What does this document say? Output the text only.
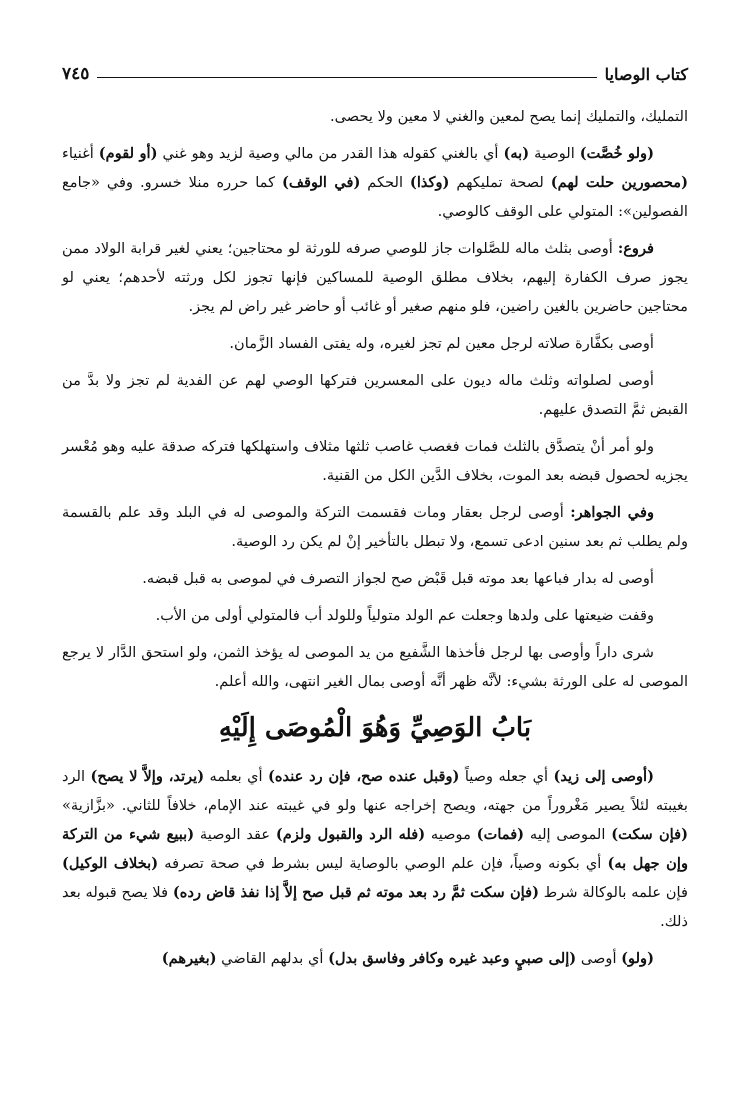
كتاب الوصايا
٧٤٥

التمليك، والتمليك إنما يصح لمعين والغني لا معين ولا يحصى.

(ولو خُصَّت) الوصية (به) أي بالغني كقوله هذا القدر من مالي وصية لزيد وهو غني (أو لقوم) أغنياء (محصورين حلت لهم) لصحة تمليكهم (وكذا) الحكم (في الوقف) كما حرره منلا خسرو. وفي «جامع الفصولين»: المتولي على الوقف كالوصي.

فروع: أوصى بثلث ماله للصَّلوات جاز للوصي صرفه للورثة لو محتاجين؛ يعني لغير قرابة الولاد ممن يجوز صرف الكفارة إليهم، بخلاف مطلق الوصية للمساكين فإنها تجوز لكل ورثته لأحدهم؛ يعني لو محتاجين حاضرين بالغين راضين، فلو منهم صغير أو غائب أو حاضر غير راض لم يجز.

أوصى بكفَّارة صلاته لرجل معين لم تجز لغيره، وله يفتى الفساد الزَّمان.

أوصى لصلواته وثلث ماله ديون على المعسرين فتركها الوصي لهم عن الفدية لم تجز ولا بدَّ من القبض ثمَّ التصدق عليهم.

ولو أمر أنْ يتصدَّق بالثلث فمات فغصب غاصب ثلثها مثلاف واستهلكها فتركه صدقة عليه وهو مُعْسر يجزيه لحصول قبضه بعد الموت، بخلاف الدَّين الكل من القنية.

وفي الجواهر: أوصى لرجل بعقار ومات فقسمت التركة والموصى له في البلد وقد علم بالقسمة ولم يطلب ثم بعد سنين ادعى تسمع، ولا تبطل بالتأخير إنْ لم يكن رد الوصية.

أوصى له بدار فباعها بعد موته قبل قَبْض صح لجواز التصرف في لموصى به قبل قبضه.

وقفت ضيعتها على ولدها وجعلت عم الولد متولياً وللولد أب فالمتولي أولى من الأب.

شرى داراً وأوصى بها لرجل فأخذها الشَّفيع من يد الموصى له يؤخذ الثمن، ولو استحق الدَّار لا يرجع الموصى له على الورثة بشيء: لأنَّه ظهر أنَّه أوصى بمال الغير انتهى، والله أعلم.

بَابُ الوَصِيِّ وَهُوَ الْمُوصَى إِلَيْهِ

(أوصى إلى زيد) أي جعله وصياً (وقبل عنده صح، فإن رد عنده) أي بعلمه (يرتد، وإلاَّ لا يصح) الرد بغيبته لئلاً يصير مَغْروراً من جهته، ويصح إخراجه عنها ولو في غيبته عند الإمام، خلافاً للثاني. «بزَّازية» (فإن سكت) الموصى إليه (فمات) موصيه (فله الرد والقبول ولزم) عقد الوصية (ببيع شيء من التركة وإن جهل به) أي بكونه وصياً، فإن علم الوصي بالوصاية ليس بشرط في صحة تصرفه (بخلاف الوكيل) فإن علمه بالوكالة شرط (فإن سكت ثمَّ رد بعد موته ثم قبل صح إلاَّ إذا نفذ قاض رده) فلا يصح قبوله بعد ذلك.

(ولو) أوصى (إلى صبيٍ وعبد غيره وكافر وفاسق بدل) أي بدلهم القاضي (بغيرهم)
